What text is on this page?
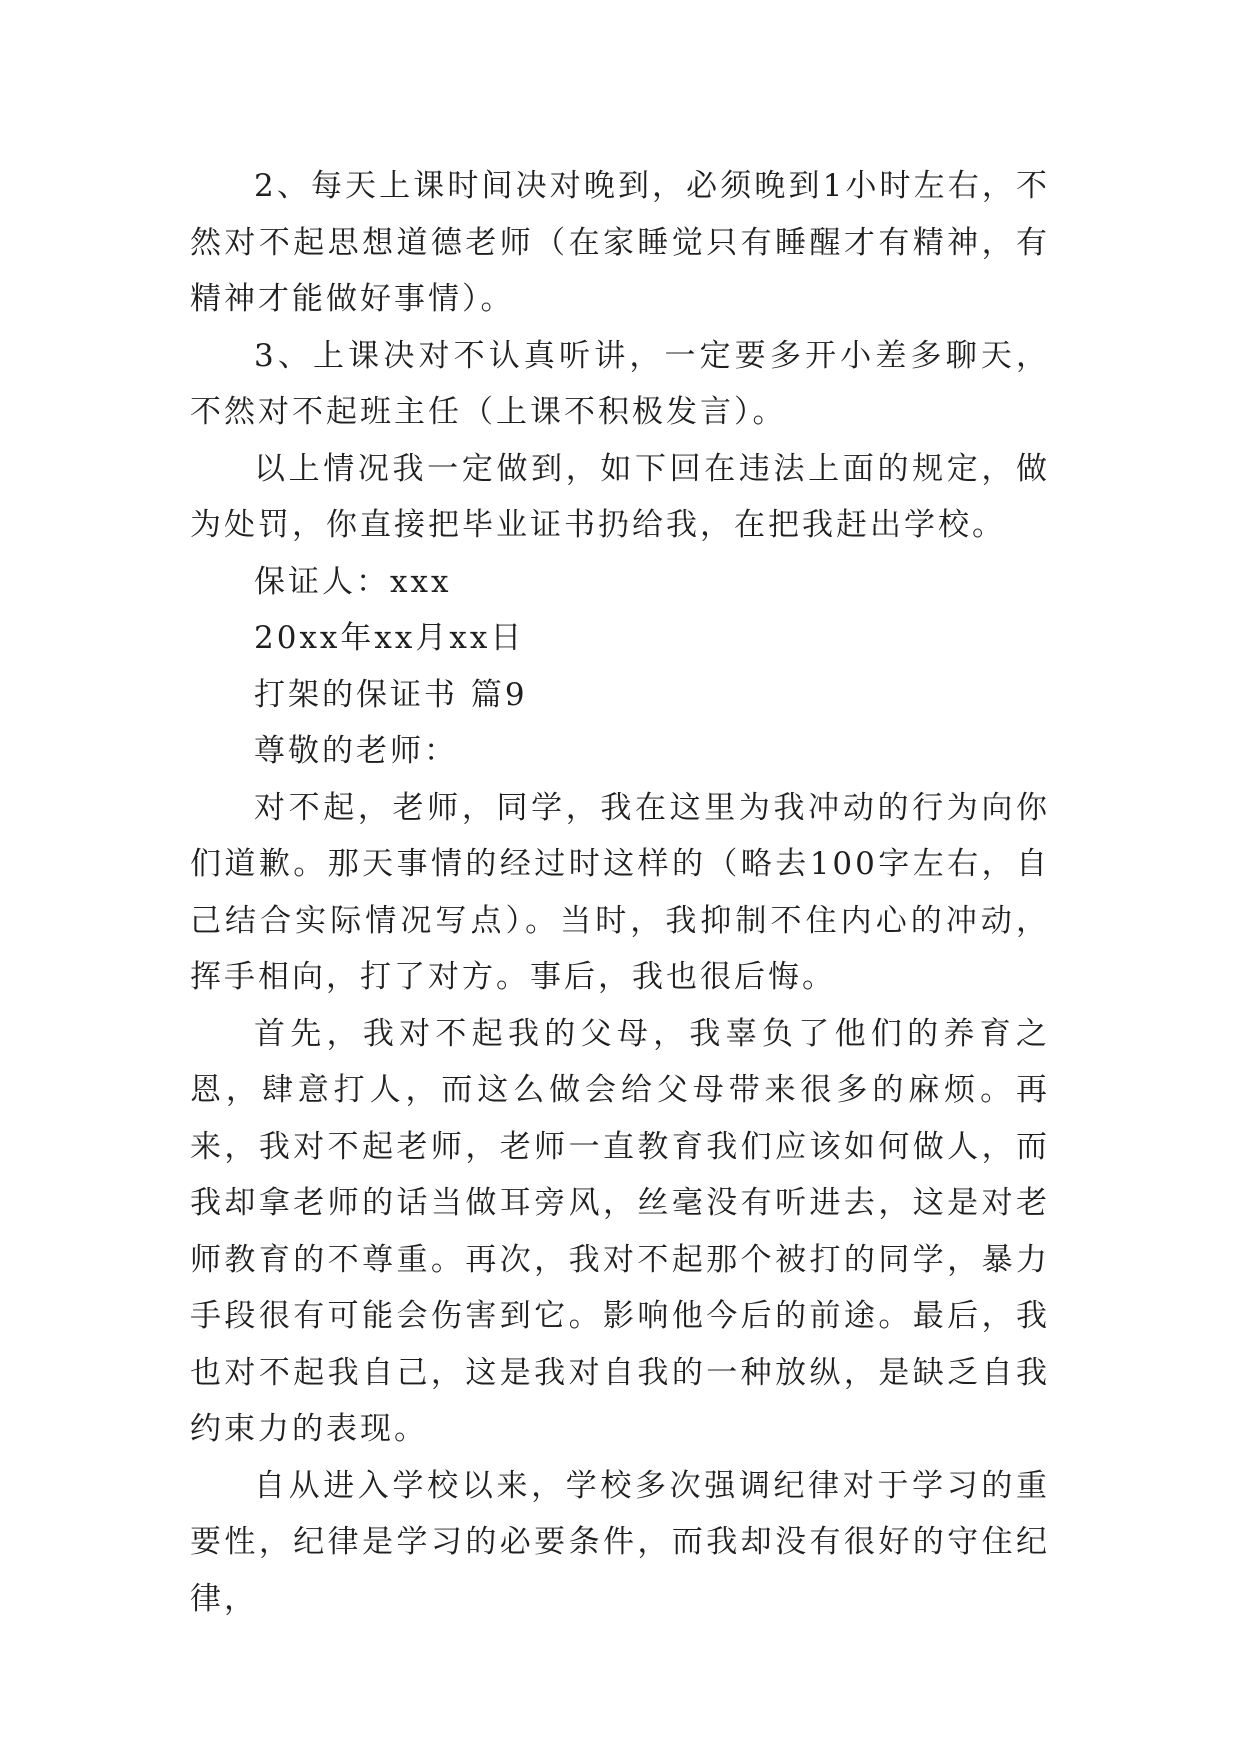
2、每天上课时间决对晚到，必须晚到1小时左右，不然对不起思想道德老师（在家睡觉只有睡醒才有精神，有精神才能做好事情）。

3、上课决对不认真听讲，一定要多开小差多聊天，不然对不起班主任（上课不积极发言）。

以上情况我一定做到，如下回在违法上面的规定，做为处罚，你直接把毕业证书扔给我，在把我赶出学校。

保证人：xxx

20xx年xx月xx日

打架的保证书 篇9

尊敬的老师：

对不起，老师，同学，我在这里为我冲动的行为向你们道歉。那天事情的经过时这样的（略去100字左右，自己结合实际情况写点）。当时，我抑制不住内心的冲动，挥手相向，打了对方。事后，我也很后悔。

首先，我对不起我的父母，我辜负了他们的养育之恩，肆意打人，而这么做会给父母带来很多的麻烦。再来，我对不起老师，老师一直教育我们应该如何做人，而我却拿老师的话当做耳旁风，丝毫没有听进去，这是对老师教育的不尊重。再次，我对不起那个被打的同学，暴力手段很有可能会伤害到它。影响他今后的前途。最后，我也对不起我自己，这是我对自我的一种放纵，是缺乏自我约束力的表现。

自从进入学校以来，学校多次强调纪律对于学习的重要性，纪律是学习的必要条件，而我却没有很好的守住纪律，
